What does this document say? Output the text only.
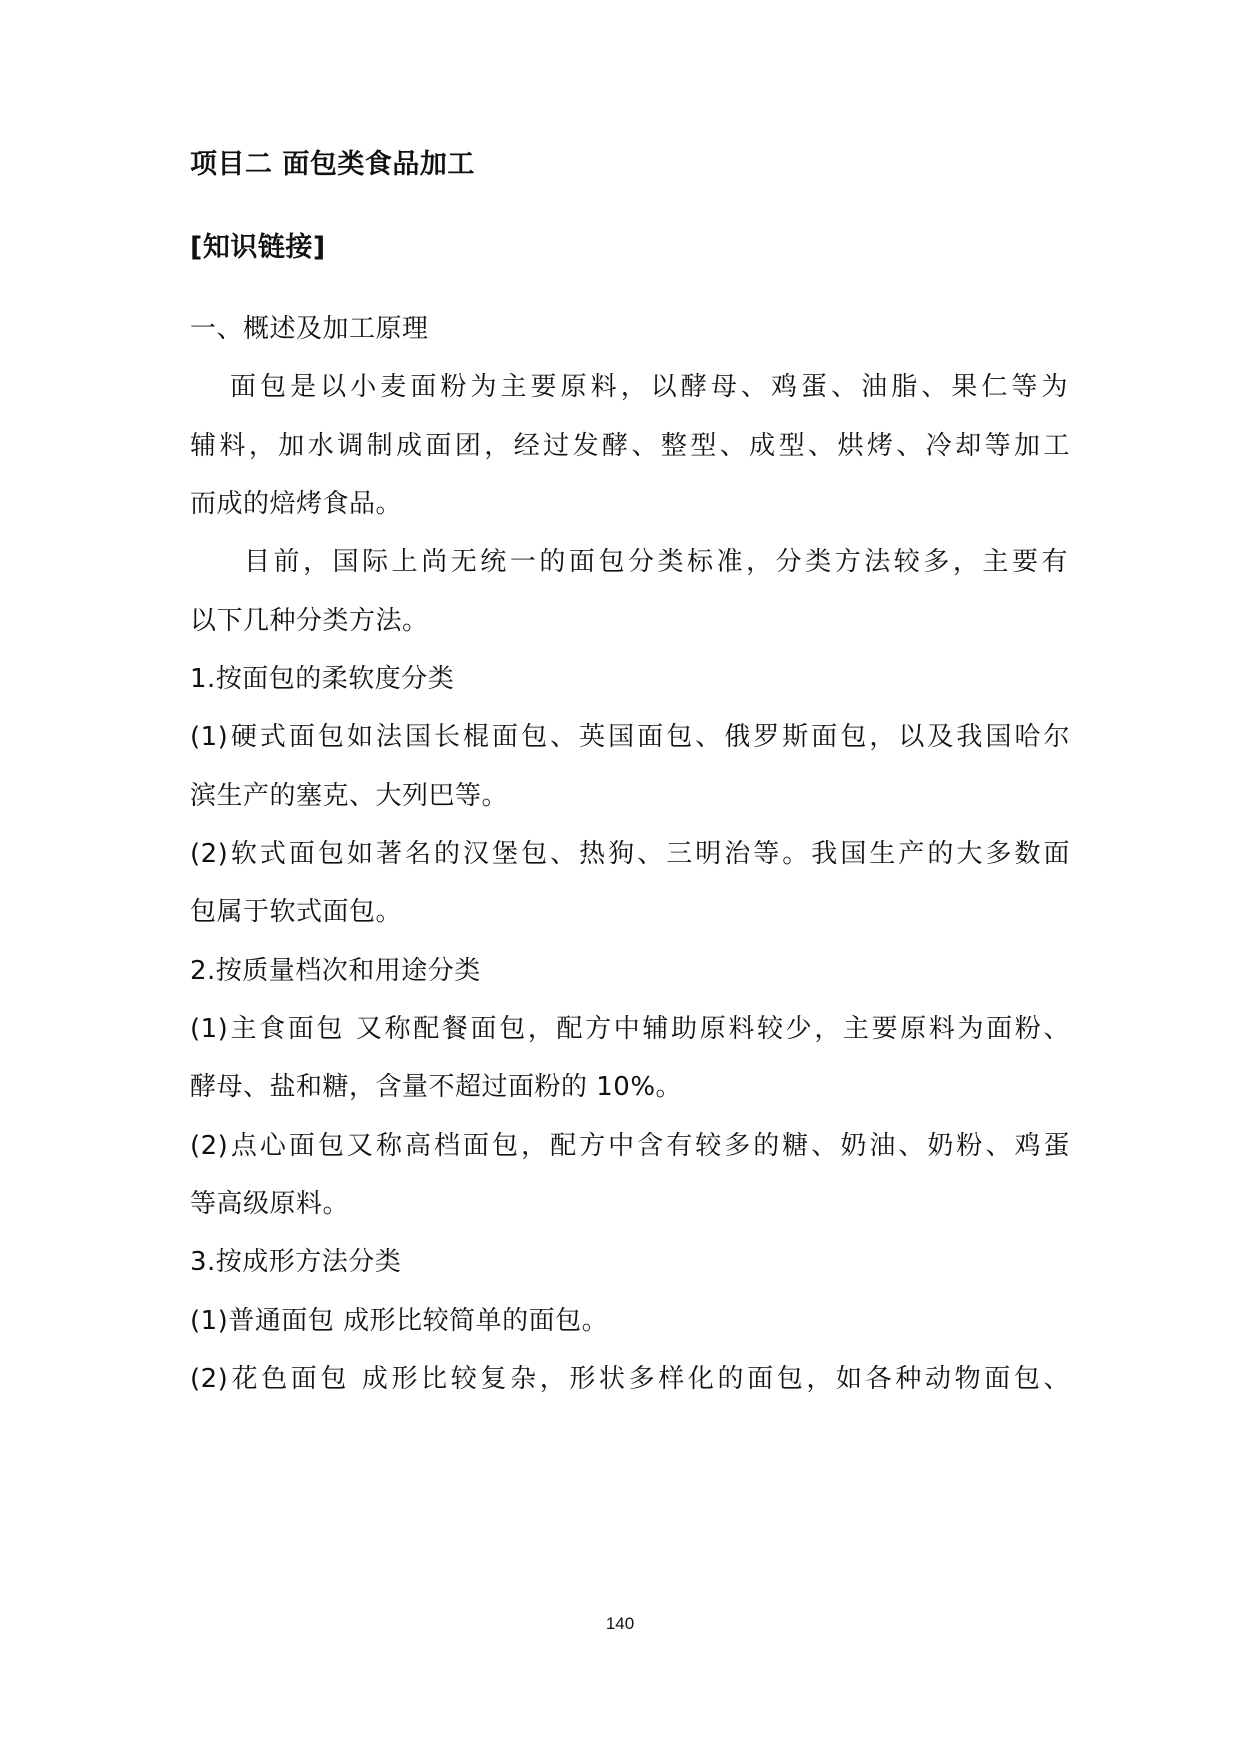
项目二 面包类食品加工
[知识链接]
一、概述及加工原理
面包是以小麦面粉为主要原料，以酵母、鸡蛋、油脂、果仁等为
辅料，加水调制成面团，经过发酵、整型、成型、烘烤、冷却等加工
而成的焙烤食品。
目前，国际上尚无统一的面包分类标准，分类方法较多，主要有
以下几种分类方法。
1.按面包的柔软度分类
(1)硬式面包如法国长棍面包、英国面包、俄罗斯面包，以及我国哈尔
滨生产的塞克、大列巴等。
(2)软式面包如著名的汉堡包、热狗、三明治等。我国生产的大多数面
包属于软式面包。
2.按质量档次和用途分类
(1)主食面包 又称配餐面包，配方中辅助原料较少，主要原料为面粉、
酵母、盐和糖，含量不超过面粉的 10%。
(2)点心面包又称高档面包，配方中含有较多的糖、奶油、奶粉、鸡蛋
等高级原料。
3.按成形方法分类
(1)普通面包 成形比较简单的面包。
(2)花色面包 成形比较复杂，形状多样化的面包，如各种动物面包、
140
